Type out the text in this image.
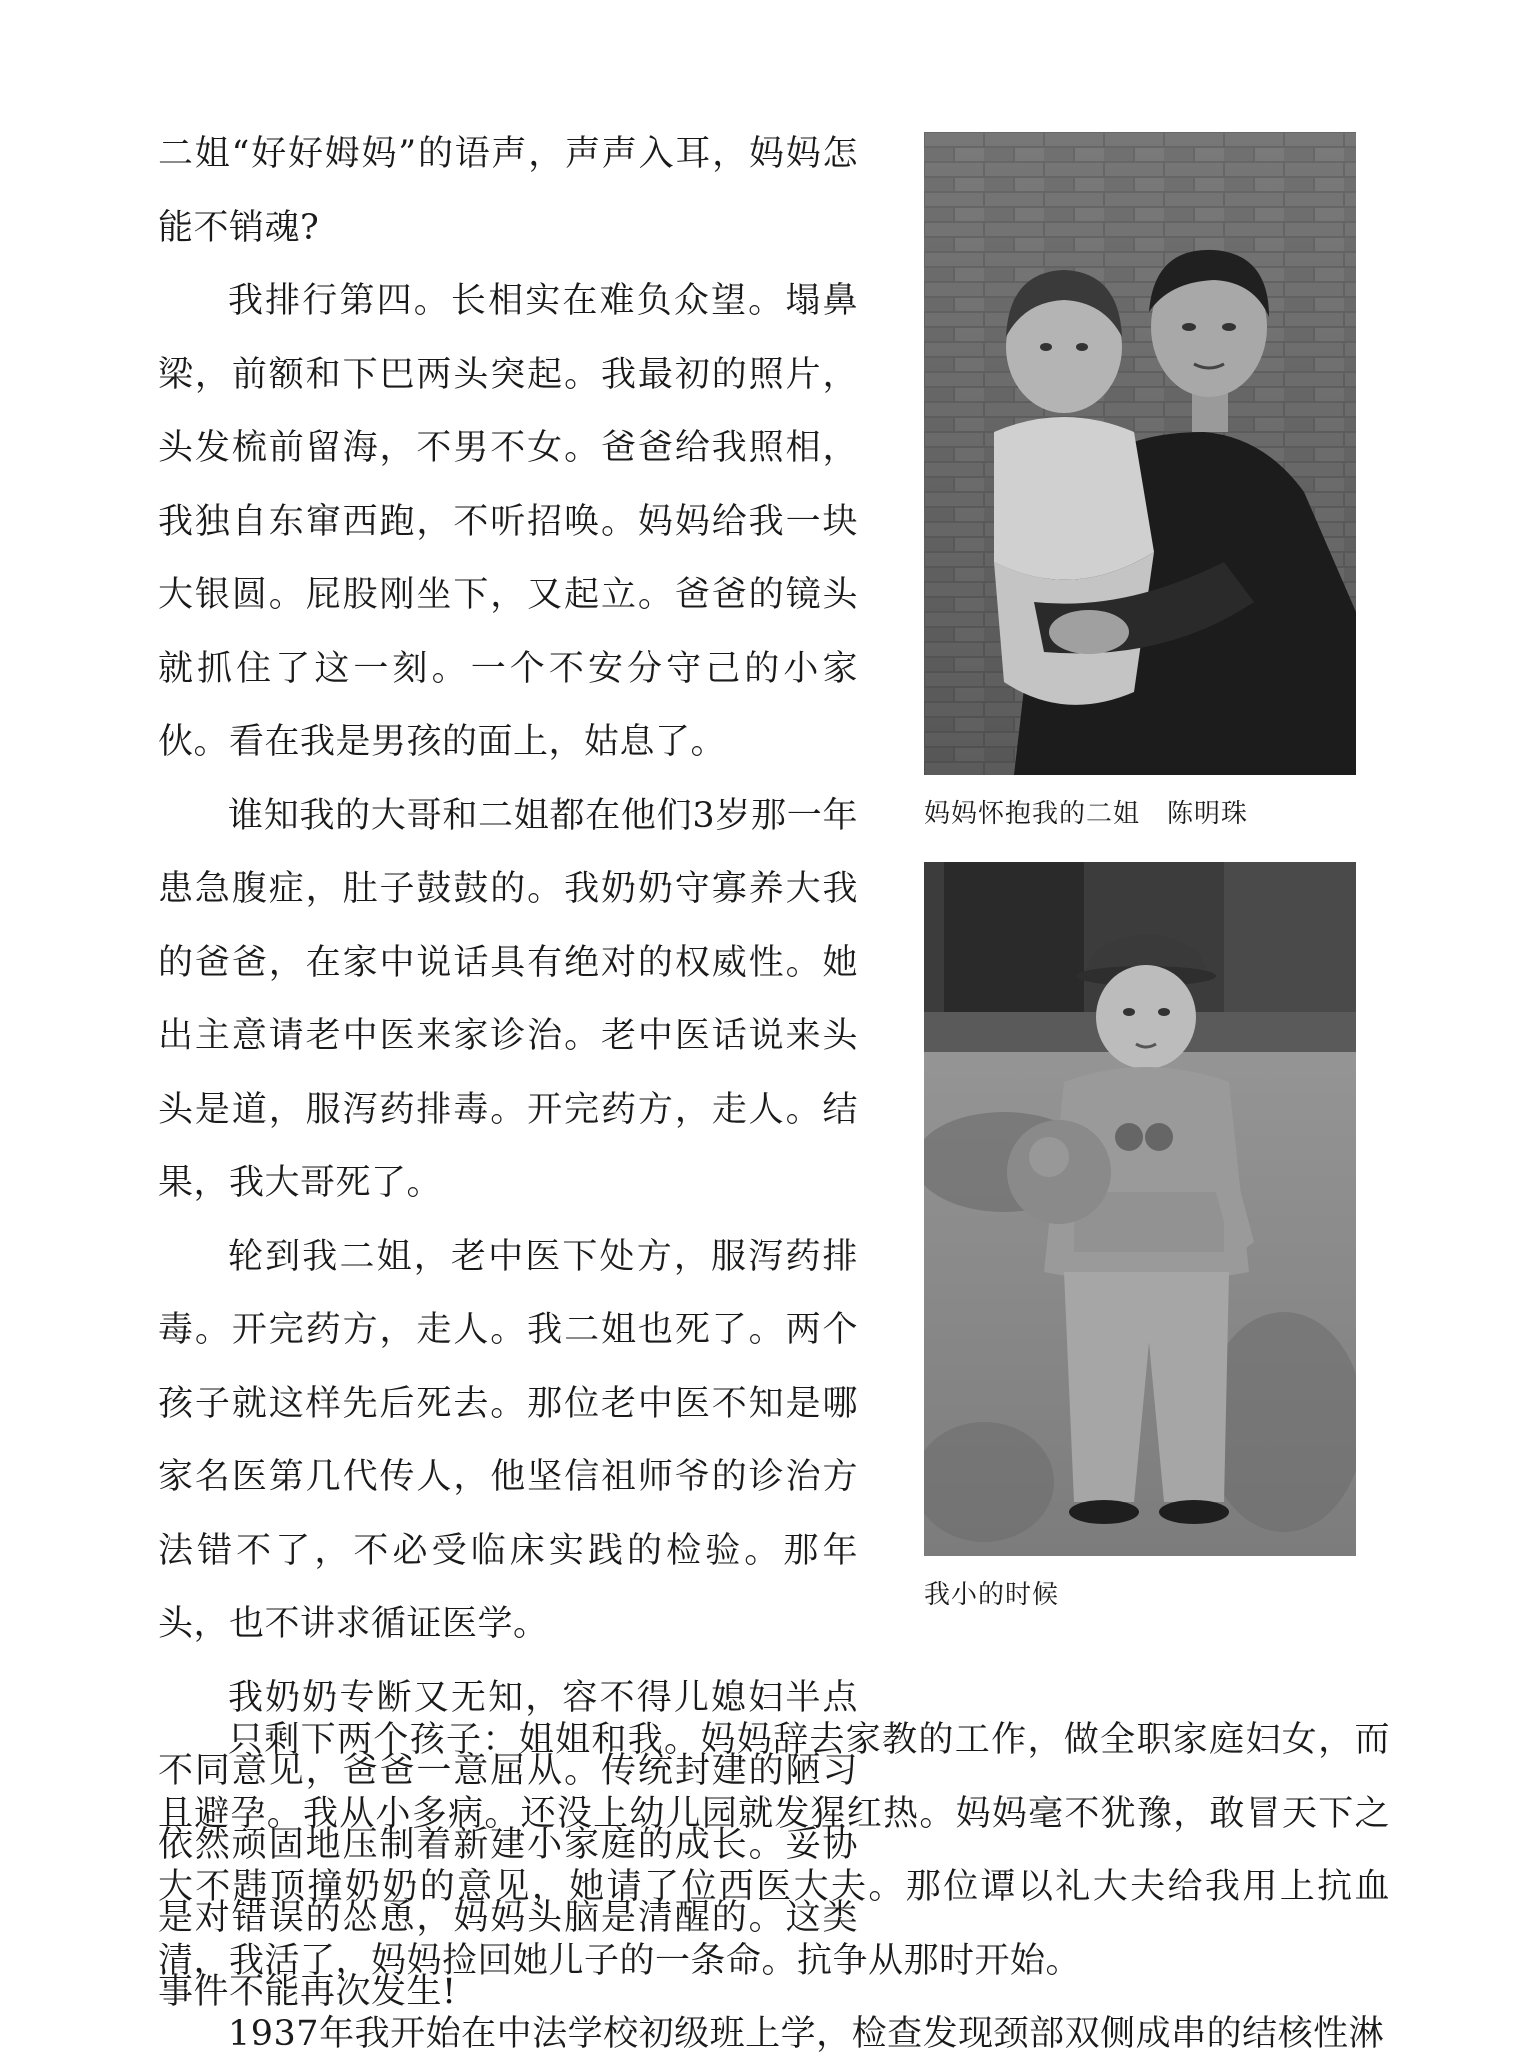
二姐“好好姆妈”的语声，声声入耳，妈妈怎能不销魂?

我排行第四。长相实在难负众望。塌鼻梁，前额和下巴两头突起。我最初的照片，头发梳前留海，不男不女。爸爸给我照相，我独自东窜西跑，不听招唤。妈妈给我一块大银圆。屁股刚坐下，又起立。爸爸的镜头就抓住了这一刻。一个不安分守己的小家伙。看在我是男孩的面上，姑息了。

谁知我的大哥和二姐都在他们3岁那一年患急腹症，肚子鼓鼓的。我奶奶守寡养大我的爸爸，在家中说话具有绝对的权威性。她出主意请老中医来家诊治。老中医话说来头头是道，服泻药排毒。开完药方，走人。结果，我大哥死了。

轮到我二姐，老中医下处方，服泻药排毒。开完药方，走人。我二姐也死了。两个孩子就这样先后死去。那位老中医不知是哪家名医第几代传人，他坚信祖师爷的诊治方法错不了，不必受临床实践的检验。那年头，也不讲求循证医学。

我奶奶专断又无知，容不得儿媳妇半点不同意见，爸爸一意屈从。传统封建的陋习依然顽固地压制着新建小家庭的成长。妥协是对错误的怂恿，妈妈头脑是清醒的。这类事件不能再次发生!

只剩下两个孩子：姐姐和我。妈妈辞去家教的工作，做全职家庭妇女，而且避孕。我从小多病。还没上幼儿园就发猩红热。妈妈毫不犹豫，敢冒天下之大不韪顶撞奶奶的意见，她请了位西医大夫。那位谭以礼大夫给我用上抗血清，我活了，妈妈捡回她儿子的一条命。抗争从那时开始。

1937年我开始在中法学校初级班上学，检查发现颈部双侧成串的结核性淋

妈妈怀抱我的二姐　陈明珠
我小的时候
